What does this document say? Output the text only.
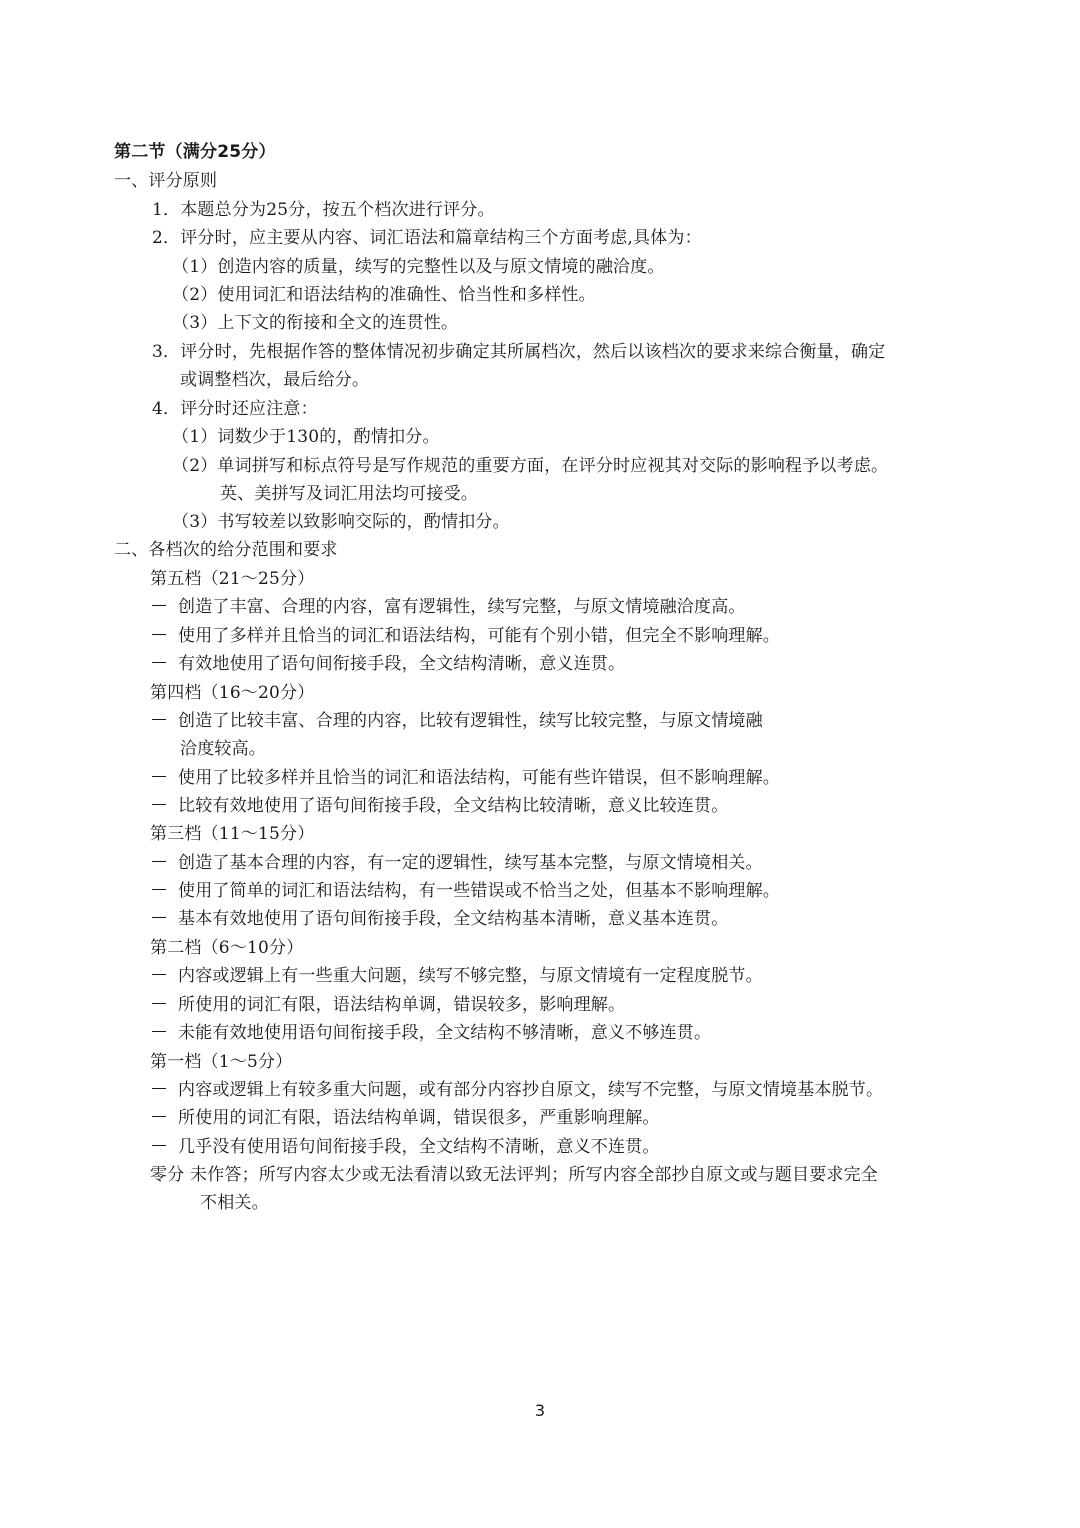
第二节（满分25分）
一、评分原则
1．本题总分为25分，按五个档次进行评分。
2．评分时，应主要从内容、词汇语法和篇章结构三个方面考虑,具体为：
（1）创造内容的质量，续写的完整性以及与原文情境的融洽度。
（2）使用词汇和语法结构的准确性、恰当性和多样性。
（3）上下文的衔接和全文的连贯性。
3．评分时，先根据作答的整体情况初步确定其所属档次，然后以该档次的要求来综合衡量，确定
或调整档次，最后给分。
4．评分时还应注意：
（1）词数少于130的，酌情扣分。
（2）单词拼写和标点符号是写作规范的重要方面，在评分时应视其对交际的影响程予以考虑。
英、美拼写及词汇用法均可接受。
（3）书写较差以致影响交际的，酌情扣分。
二、各档次的给分范围和要求
第五档（21～25分）
创造了丰富、合理的内容，富有逻辑性，续写完整，与原文情境融洽度高。
使用了多样并且恰当的词汇和语法结构，可能有个别小错，但完全不影响理解。
有效地使用了语句间衔接手段，全文结构清晰，意义连贯。
第四档（16～20分）
创造了比较丰富、合理的内容，比较有逻辑性，续写比较完整，与原文情境融
洽度较高。
使用了比较多样并且恰当的词汇和语法结构，可能有些许错误，但不影响理解。
比较有效地使用了语句间衔接手段，全文结构比较清晰，意义比较连贯。
第三档（11～15分）
创造了基本合理的内容，有一定的逻辑性，续写基本完整，与原文情境相关。
使用了简单的词汇和语法结构，有一些错误或不恰当之处，但基本不影响理解。
基本有效地使用了语句间衔接手段，全文结构基本清晰，意义基本连贯。
第二档（6～10分）
内容或逻辑上有一些重大问题，续写不够完整，与原文情境有一定程度脱节。
所使用的词汇有限，语法结构单调，错误较多，影响理解。
未能有效地使用语句间衔接手段，全文结构不够清晰，意义不够连贯。
第一档（1～5分）
内容或逻辑上有较多重大问题，或有部分内容抄自原文，续写不完整，与原文情境基本脱节。
所使用的词汇有限，语法结构单调，错误很多，严重影响理解。
几乎没有使用语句间衔接手段，全文结构不清晰，意义不连贯。
零分 未作答；所写内容太少或无法看清以致无法评判；所写内容全部抄自原文或与题目要求完全
不相关。
3
